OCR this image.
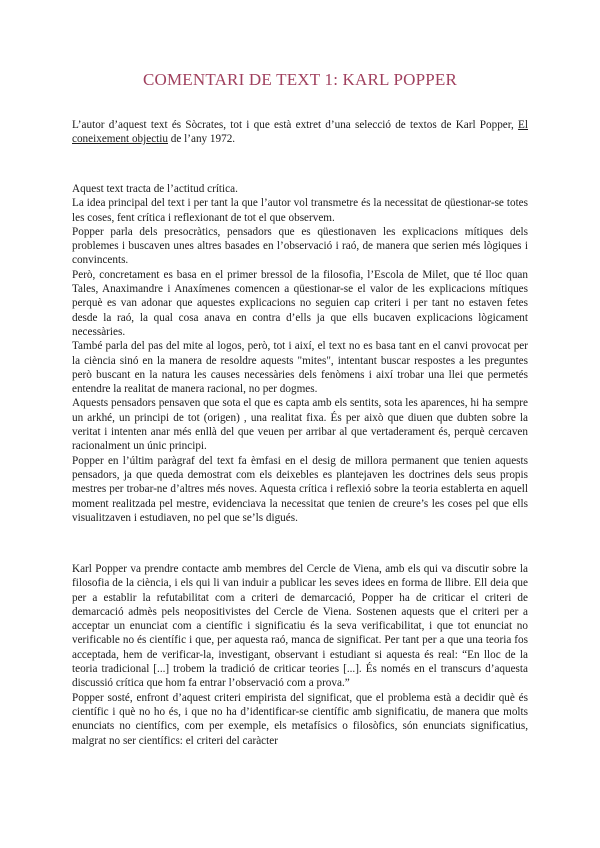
COMENTARI DE TEXT 1: KARL POPPER

L’autor d’aquest text és Sòcrates, tot i que està extret d’una selecció de textos de Karl Popper, El coneixement objectiu de l’any 1972.

Aquest text tracta de l’actitud crítica.

La idea principal del text i per tant la que l’autor vol transmetre és la necessitat de qüestionar-se totes les coses, fent crítica i reflexionant de tot el que observem.

Popper parla dels presocràtics, pensadors que es qüestionaven les explicacions mítiques dels problemes i buscaven unes altres basades en l’observació i raó, de manera que serien més lògiques i convincents.

Però, concretament es basa en el primer bressol de la filosofia, l’Escola de Milet, que té lloc quan Tales, Anaximandre i Anaxímenes comencen a qüestionar-se el valor de les explicacions mítiques perquè es van adonar que aquestes explicacions no seguien cap criteri i per tant no estaven fetes desde la raó, la qual cosa anava en contra d’ells ja que ells bucaven explicacions lògicament necessàries.

També parla del pas del mite al logos, però, tot i així, el text no es basa tant en el canvi provocat per la ciència sinó en la manera de resoldre aquests "mites", intentant buscar respostes a les preguntes però buscant en la natura les causes necessàries dels fenòmens i així trobar una llei que permetés entendre la realitat de manera racional, no per dogmes.

Aquests pensadors pensaven que sota el que es capta amb els sentits, sota les aparences, hi ha sempre un arkhé, un principi de tot (origen) , una realitat fixa. És per això que diuen que dubten sobre la veritat i intenten anar més enllà del que veuen per arribar al que vertaderament és, perquè cercaven racionalment un únic principi.

Popper en l’últim paràgraf del text fa èmfasi en el desig de millora permanent que tenien aquests pensadors, ja que queda demostrat com els deixebles es plantejaven les doctrines dels seus propis mestres per trobar-ne d’altres més noves. Aquesta crítica i reflexió sobre la teoria establerta en aquell moment realitzada pel mestre, evidenciava la necessitat que tenien de creure’s les coses pel que ells visualitzaven i estudiaven, no pel que se’ls digués.

Karl Popper va prendre contacte amb membres del Cercle de Viena, amb els qui va discutir sobre la filosofia de la ciència, i els qui li van induir a publicar les seves idees en forma de llibre. Ell deia que per a establir la refutabilitat com a criteri de demarcació, Popper ha de criticar el criteri de demarcació admès pels neopositivistes del Cercle de Viena. Sostenen aquests que el criteri per a acceptar un enunciat com a científic i significatiu és la seva verificabilitat, i que tot enunciat no verificable no és científic i que, per aquesta raó, manca de significat. Per tant per a que una teoria fos acceptada, hem de verificar-la, investigant, observant i estudiant si aquesta és real: “En lloc de la teoria tradicional [...] trobem la tradició de criticar teories [...]. És només en el transcurs d’aquesta discussió crítica que hom fa entrar l’observació com a prova.”

Popper sosté, enfront d’aquest criteri empirista del significat, que el problema està a decidir què és científic i què no ho és, i que no ha d’identificar-se científic amb significatiu, de manera que molts enunciats no científics, com per exemple, els metafísics o filosòfics, són enunciats significatius, malgrat no ser científics: el criteri del caràcter
